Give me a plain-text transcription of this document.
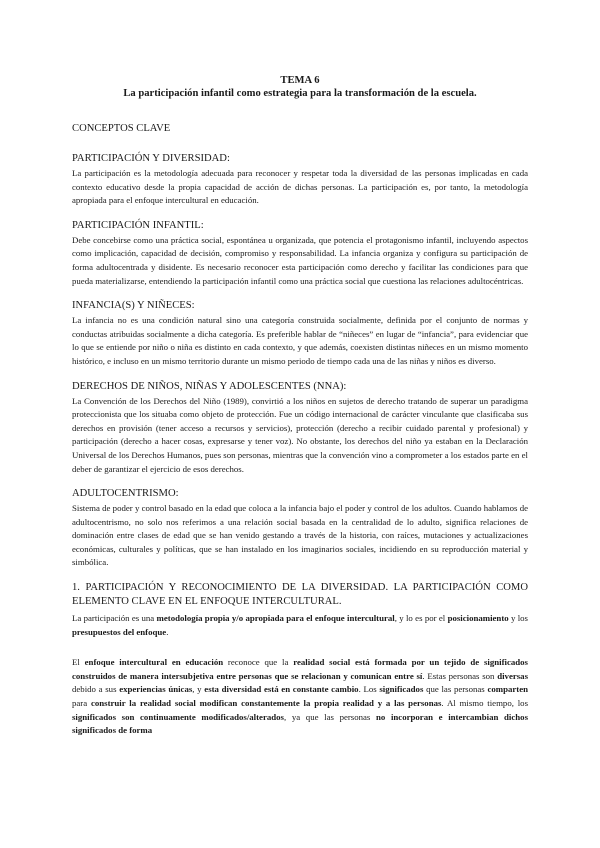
TEMA 6

La participación infantil como estrategia para la transformación de la escuela.

CONCEPTOS CLAVE
PARTICIPACIÓN Y DIVERSIDAD:

La participación es la metodología adecuada para reconocer y respetar toda la diversidad de las personas implicadas en cada contexto educativo desde la propia capacidad de acción de dichas personas. La participación es, por tanto, la metodología apropiada para el enfoque intercultural en educación.

PARTICIPACIÓN INFANTIL:

Debe concebirse como una práctica social, espontánea u organizada, que potencia el protagonismo infantil, incluyendo aspectos como implicación, capacidad de decisión, compromiso y responsabilidad. La infancia organiza y configura su participación de forma adultocentrada y disidente. Es necesario reconocer esta participación como derecho y facilitar las condiciones para que pueda materializarse, entendiendo la participación infantil como una práctica social que cuestiona las relaciones adultocéntricas.

INFANCIA(S) Y NIÑECES:

La infancia no es una condición natural sino una categoría construida socialmente, definida por el conjunto de normas y conductas atribuidas socialmente a dicha categoría. Es preferible hablar de “niñeces” en lugar de “infancia”, para evidenciar que lo que se entiende por niño o niña es distinto en cada contexto, y que además, coexisten distintas niñeces en un mismo momento histórico, e incluso en un mismo territorio durante un mismo periodo de tiempo cada una de las niñas y niños es diverso.

DERECHOS DE NIÑOS, NIÑAS Y ADOLESCENTES (NNA):

La Convención de los Derechos del Niño (1989), convirtió a los niños en sujetos de derecho tratando de superar un paradigma proteccionista que los situaba como objeto de protección. Fue un código internacional de carácter vinculante que clasificaba sus derechos en provisión (tener acceso a recursos y servicios), protección (derecho a recibir cuidado parental y profesional) y participación (derecho a hacer cosas, expresarse y tener voz). No obstante, los derechos del niño ya estaban en la Declaración Universal de los Derechos Humanos, pues son personas, mientras que la convención vino a comprometer a los estados parte en el deber de garantizar el ejercicio de esos derechos.

ADULTOCENTRISMO:

Sistema de poder y control basado en la edad que coloca a la infancia bajo el poder y control de los adultos. Cuando hablamos de adultocentrismo, no solo nos referimos a una relación social basada en la centralidad de lo adulto, significa relaciones de dominación entre clases de edad que se han venido gestando a través de la historia, con raíces, mutaciones y actualizaciones económicas, culturales y políticas, que se han instalado en los imaginarios sociales, incidiendo en su reproducción material y simbólica.

1. PARTICIPACIÓN Y RECONOCIMIENTO DE LA DIVERSIDAD. LA PARTICIPACIÓN COMO ELEMENTO CLAVE EN EL ENFOQUE INTERCULTURAL.

La participación es una metodología propia y/o apropiada para el enfoque intercultural, y lo es por el posicionamiento y los presupuestos del enfoque.

El enfoque intercultural en educación reconoce que la realidad social está formada por un tejido de significados construidos de manera intersubjetiva entre personas que se relacionan y comunican entre sí. Estas personas son diversas debido a sus experiencias únicas, y esta diversidad está en constante cambio. Los significados que las personas comparten para construir la realidad social modifican constantemente la propia realidad y a las personas. Al mismo tiempo, los significados son continuamente modificados/alterados, ya que las personas no incorporan e intercambian dichos significados de forma
